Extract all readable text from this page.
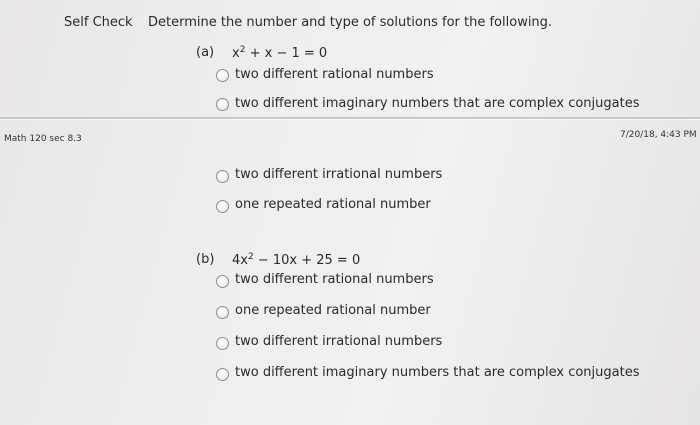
Self Check Determine the number and type of solutions for the following.
(a) $x^2 + x - 1 = 0$
two different rational numbers
two different imaginary numbers that are complex conjugates
Math 120 sec 8.3	7/20/18, 4:43 PM
two different irrational numbers
one repeated rational number
(b) $4x^2 - 10x + 25 = 0$
two different rational numbers
one repeated rational number
two different irrational numbers
two different imaginary numbers that are complex conjugates
